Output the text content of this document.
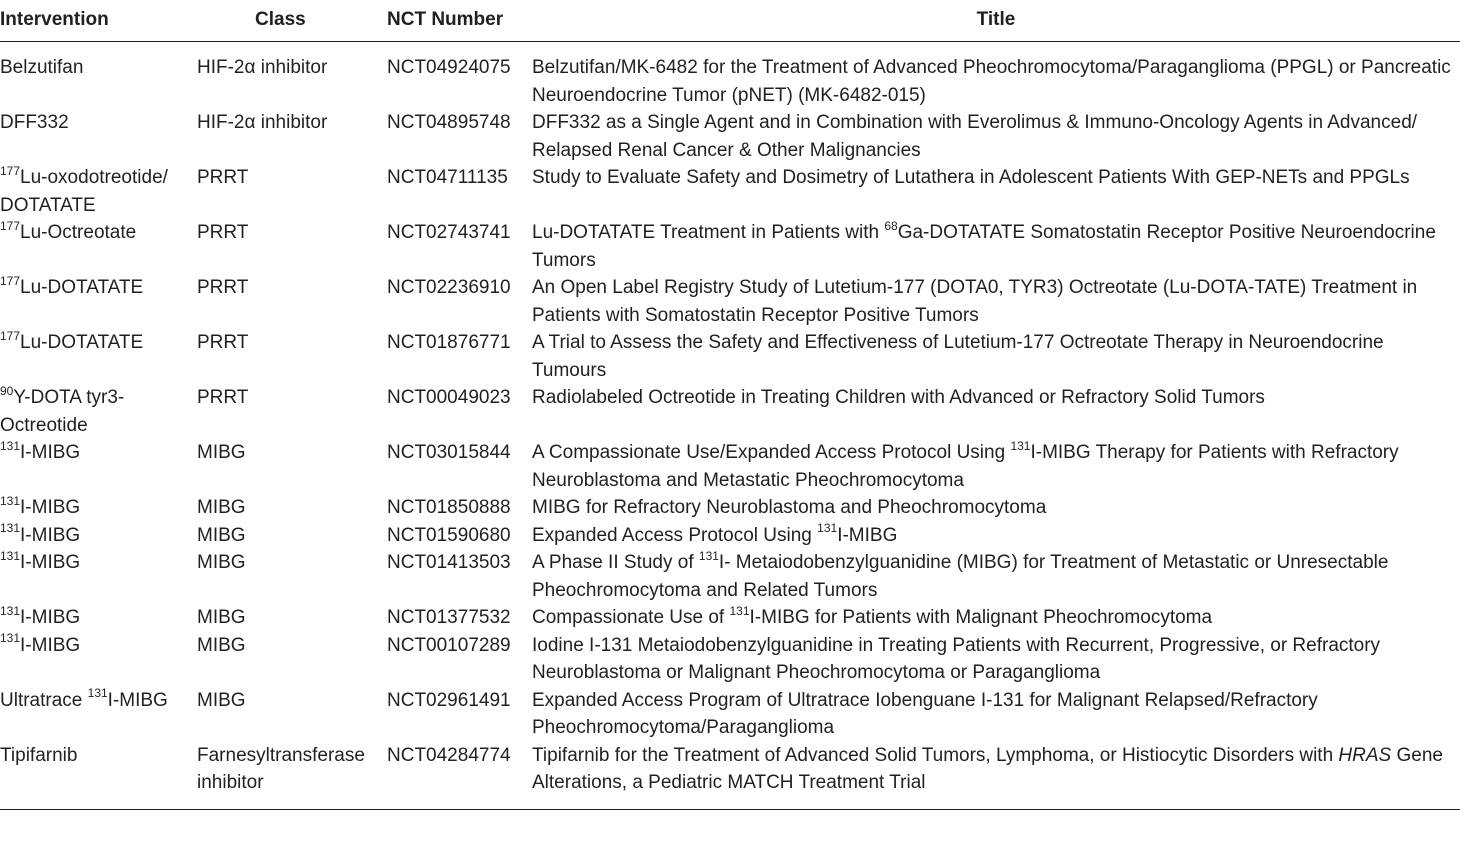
Intervention	Class	NCT Number	Title
Belzutifan	HIF-2α inhibitor	NCT04924075	Belzutifan/MK-6482 for the Treatment of Advanced Pheochromocytoma/Paraganglioma (PPGL) or Pancreatic Neuroendocrine Tumor (pNET) (MK-6482-015)
DFF332	HIF-2α inhibitor	NCT04895748	DFF332 as a Single Agent and in Combination with Everolimus & Immuno-Oncology Agents in Advanced/ Relapsed Renal Cancer & Other Malignancies
$^{177}$Lu-oxodotreotide/ DOTATATE	PRRT	NCT04711135	Study to Evaluate Safety and Dosimetry of Lutathera in Adolescent Patients With GEP-NETs and PPGLs
$^{177}$Lu-Octreotate	PRRT	NCT02743741	Lu-DOTATATE Treatment in Patients with $^{68}$Ga-DOTATATE Somatostatin Receptor Positive Neuroendocrine Tumors
$^{177}$Lu-DOTATATE	PRRT	NCT02236910	An Open Label Registry Study of Lutetium-177 (DOTA0, TYR3) Octreotate (Lu-DOTA-TATE) Treatment in Patients with Somatostatin Receptor Positive Tumors
$^{177}$Lu-DOTATATE	PRRT	NCT01876771	A Trial to Assess the Safety and Effectiveness of Lutetium-177 Octreotate Therapy in Neuroendocrine Tumours
$^{90}$Y-DOTA tyr3-Octreotide	PRRT	NCT00049023	Radiolabeled Octreotide in Treating Children with Advanced or Refractory Solid Tumors
$^{131}$I-MIBG	MIBG	NCT03015844	A Compassionate Use/Expanded Access Protocol Using $^{131}$I-MIBG Therapy for Patients with Refractory Neuroblastoma and Metastatic Pheochromocytoma
$^{131}$I-MIBG	MIBG	NCT01850888	MIBG for Refractory Neuroblastoma and Pheochromocytoma
$^{131}$I-MIBG	MIBG	NCT01590680	Expanded Access Protocol Using $^{131}$I-MIBG
$^{131}$I-MIBG	MIBG	NCT01413503	A Phase II Study of $^{131}$I- Metaiodobenzylguanidine (MIBG) for Treatment of Metastatic or Unresectable Pheochromocytoma and Related Tumors
$^{131}$I-MIBG	MIBG	NCT01377532	Compassionate Use of $^{131}$I-MIBG for Patients with Malignant Pheochromocytoma
$^{131}$I-MIBG	MIBG	NCT00107289	Iodine I-131 Metaiodobenzylguanidine in Treating Patients with Recurrent, Progressive, or Refractory Neuroblastoma or Malignant Pheochromocytoma or Paraganglioma
Ultratrace $^{131}$I-MIBG	MIBG	NCT02961491	Expanded Access Program of Ultratrace Iobenguane I-131 for Malignant Relapsed/Refractory Pheochromocytoma/Paraganglioma
Tipifarnib	Farnesyltransferase inhibitor	NCT04284774	Tipifarnib for the Treatment of Advanced Solid Tumors, Lymphoma, or Histiocytic Disorders with HRAS Gene Alterations, a Pediatric MATCH Treatment Trial
